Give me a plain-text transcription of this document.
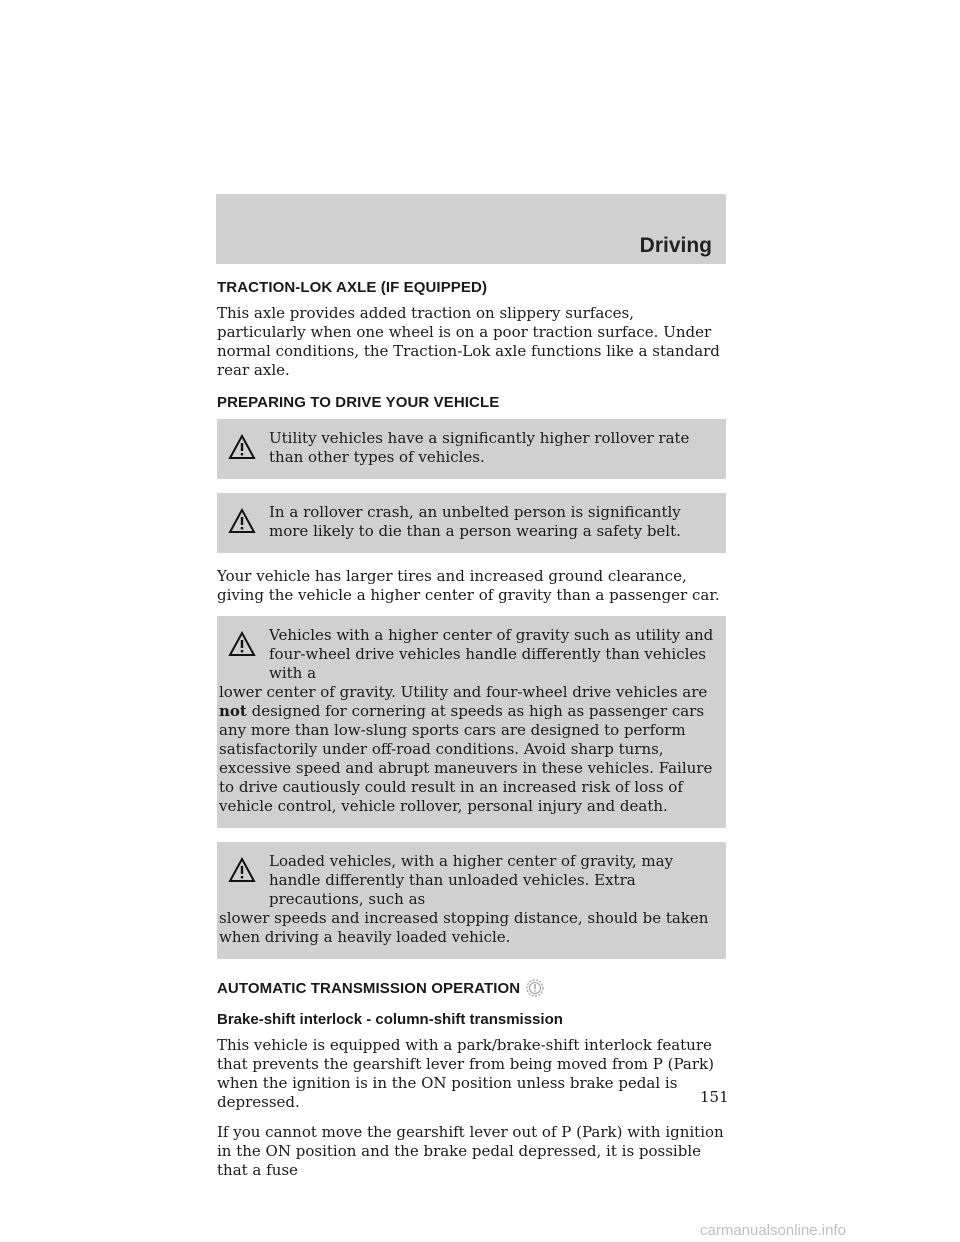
Driving
TRACTION-LOK AXLE (IF EQUIPPED)

This axle provides added traction on slippery surfaces, particularly when one wheel is on a poor traction surface. Under normal conditions, the Traction-Lok axle functions like a standard rear axle.

PREPARING TO DRIVE YOUR VEHICLE
Utility vehicles have a significantly higher rollover rate than other types of vehicles.
In a rollover crash, an unbelted person is significantly more likely to die than a person wearing a safety belt.

Your vehicle has larger tires and increased ground clearance, giving the vehicle a higher center of gravity than a passenger car.

Vehicles with a higher center of gravity such as utility and four-wheel drive vehicles handle differently than vehicles with a
lower center of gravity. Utility and four-wheel drive vehicles are not designed for cornering at speeds as high as passenger cars any more than low-slung sports cars are designed to perform satisfactorily under off-road conditions. Avoid sharp turns, excessive speed and abrupt maneuvers in these vehicles. Failure to drive cautiously could result in an increased risk of loss of vehicle control, vehicle rollover, personal injury and death.
Loaded vehicles, with a higher center of gravity, may handle differently than unloaded vehicles. Extra precautions, such as
slower speeds and increased stopping distance, should be taken when driving a heavily loaded vehicle.
AUTOMATIC TRANSMISSION OPERATION
Brake-shift interlock - column-shift transmission

This vehicle is equipped with a park/brake-shift interlock feature that prevents the gearshift lever from being moved from P (Park) when the ignition is in the ON position unless brake pedal is depressed.

If you cannot move the gearshift lever out of P (Park) with ignition in the ON position and the brake pedal depressed, it is possible that a fuse

151
carmanualsonline.info
